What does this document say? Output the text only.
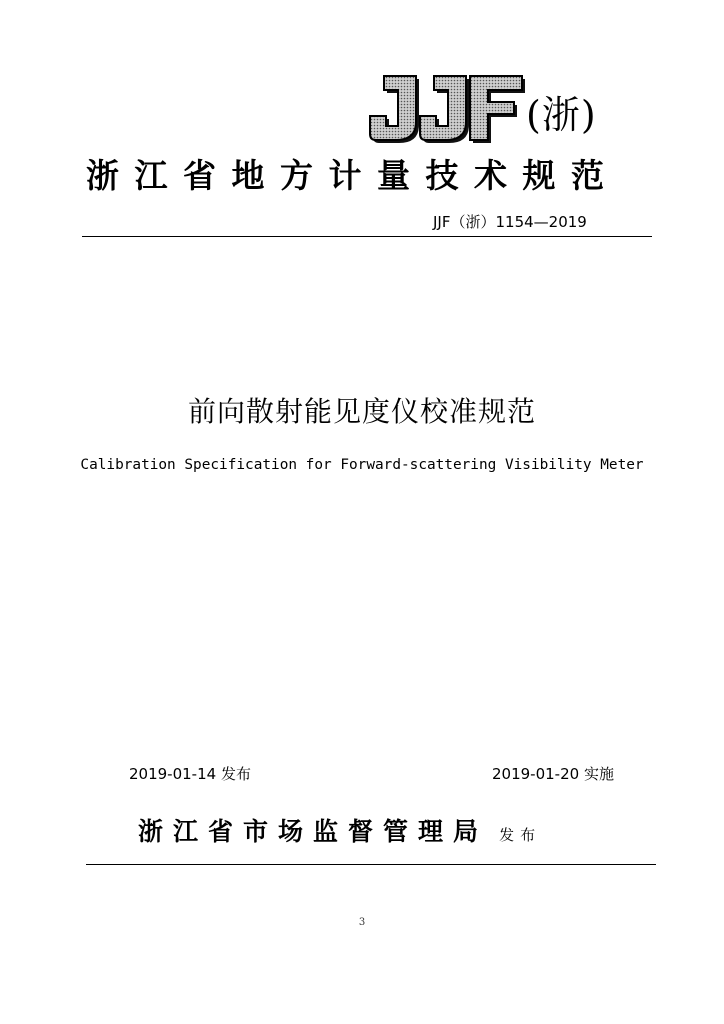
(浙)
浙江省地方计量技术规范
JJF（浙）1154—2019
前向散射能见度仪校准规范
Calibration Specification for Forward-scattering Visibility Meter
2019-01-14 发布	2019-01-20 实施
浙江省市场监督管理局 发布
3
